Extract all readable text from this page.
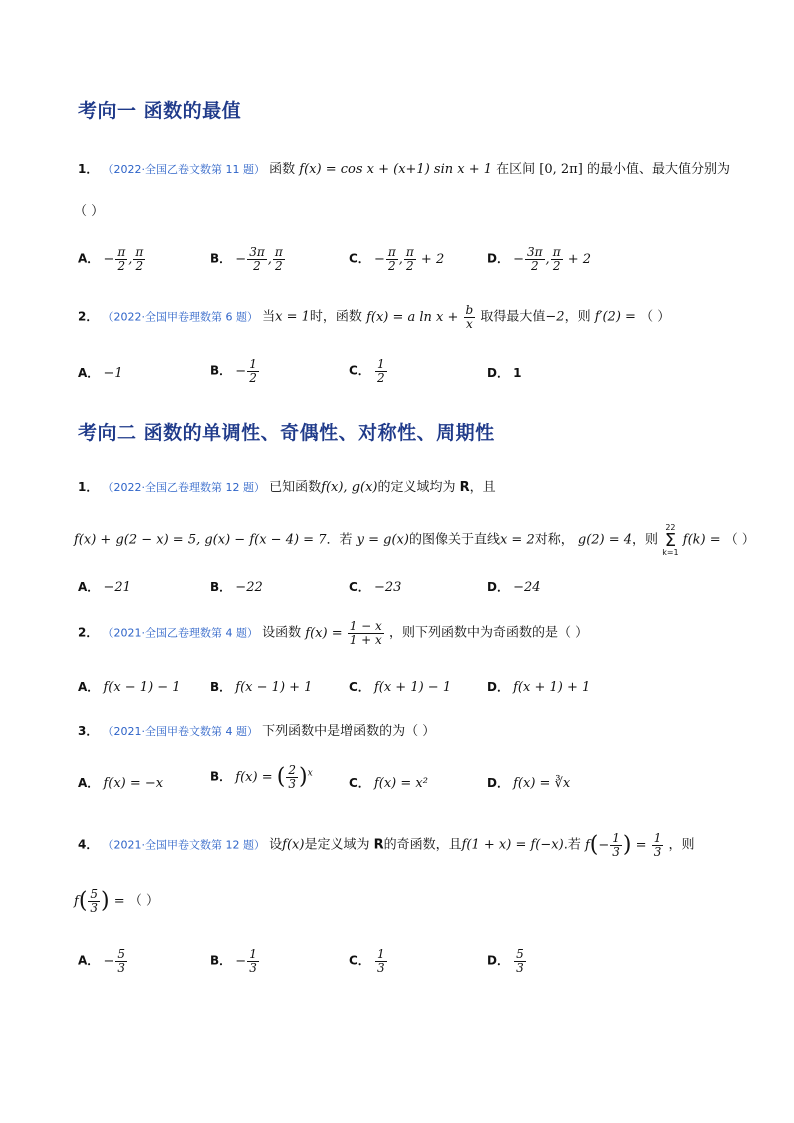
考向一 函数的最值
1． （2022·全国乙卷文数第 11 题） 函数 f(x) = cos x + (x+1) sin x + 1 在区间 [0, 2π] 的最小值、最大值分别为
（ ）
A． − $\frac{\pi}{2}$ , $\frac{\pi}{2}$	B． − $\frac{3\pi}{2}$ , $\frac{\pi}{2}$	C． − $\frac{\pi}{2}$ , $\frac{\pi}{2} + 2$	D． − $\frac{3\pi}{2}$ , $\frac{\pi}{2} + 2$
2． （2022·全国甲卷理数第 6 题） 当x = 1时，函数 f(x) = a $\ln x + \frac{b}{x}$ 取得最大值−2，则 f′(2) = （ ）
A． −1	B． − $\frac{1}{2}$	C． $\frac{1}{2}$	D． 1
考向二 函数的单调性、奇偶性、对称性、周期性
1． （2022·全国乙卷理数第 12 题） 已知函数f(x), g(x)的定义域均为 R，且
f(x) + g(2 − x) = 5, g(x) − f(x − 4) = 7．若 y = g(x)的图像关于直线x = 2对称， g(2) = 4，则
22
Σ
k=1
f(k) = （ ）
A． −21	B． −22	C． −23	D． −24
2． （2021·全国乙卷理数第 4 题） 设函数 $f(x) = \frac{1 - x}{1 + x}$ ，则下列函数中为奇函数的是（ ）
A． f(x − 1) − 1 B． f(x − 1) + 1	C． f(x + 1) − 1	D． f(x + 1) + 1
3． （2021·全国甲卷文数第 4 题） 下列函数中是增函数的为（ ）
A． f(x) = −x	B． f(x) = ( $\frac{2}{3} )^x$
C． f(x) = x²	D． f(x) = ∛x
4． （2021·全国甲卷文数第 12 题） 设f(x)是定义域为 R的奇函数，且f(1 + x) = f(−x).若 $f(- \frac{1}{3}$ ) = $\frac{1}{3}$ ，则
$f( \frac{5}{3}$ ) = （ ）
A． − $\frac{5}{3}$	B． − $\frac{1}{3}$	C． $\frac{1}{3}$	D． $\frac{5}{3}$
